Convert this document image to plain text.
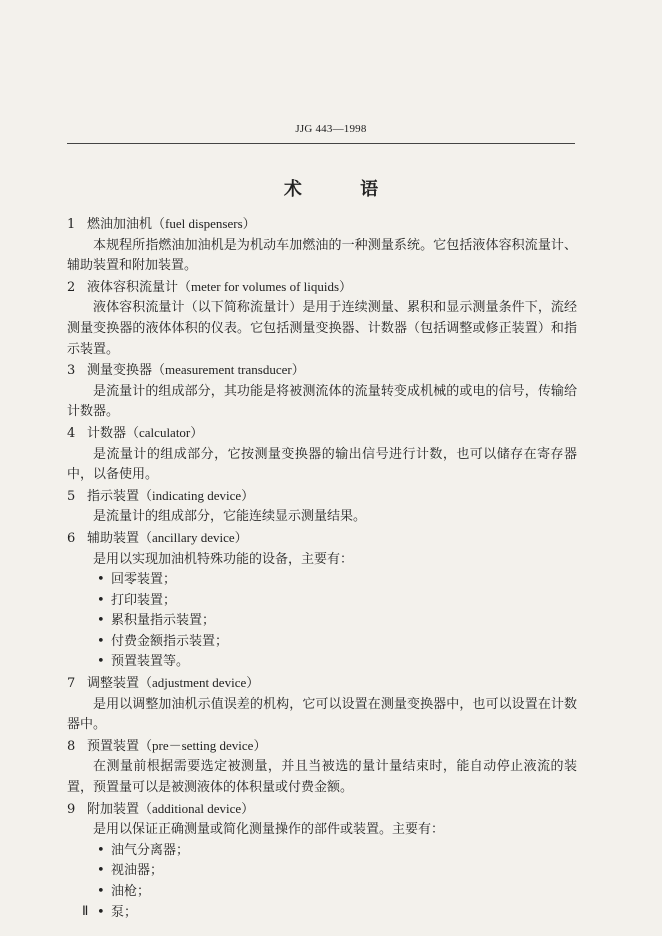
JJG 443—1998
术 语
1 燃油加油机（fuel dispensers）
本规程所指燃油加油机是为机动车加燃油的一种测量系统。它包括液体容积流量计、辅助装置和附加装置。
2 液体容积流量计（meter for volumes of liquids）
液体容积流量计（以下简称流量计）是用于连续测量、累积和显示测量条件下，流经测量变换器的液体体积的仪表。它包括测量变换器、计数器（包括调整或修正装置）和指示装置。
3 测量变换器（measurement transducer）
是流量计的组成部分，其功能是将被测流体的流量转变成机械的或电的信号，传输给计数器。
4 计数器（calculator）
是流量计的组成部分，它按测量变换器的输出信号进行计数，也可以储存在寄存器中，以备使用。
5 指示装置（indicating device）
是流量计的组成部分，它能连续显示测量结果。
6 辅助装置（ancillary device）
是用以实现加油机特殊功能的设备，主要有：
• 回零装置；
• 打印装置；
• 累积量指示装置；
• 付费金额指示装置；
• 预置装置等。
7 调整装置（adjustment device）
是用以调整加油机示值误差的机构，它可以设置在测量变换器中，也可以设置在计数器中。
8 预置装置（pre－setting device）
在测量前根据需要选定被测量，并且当被选的量计量结束时，能自动停止液流的装置，预置量可以是被测液体的体积量或付费金额。
9 附加装置（additional device）
是用以保证正确测量或简化测量操作的部件或装置。主要有：
• 油气分离器；
• 视油器；
• 油枪；
• 泵；
Ⅱ
